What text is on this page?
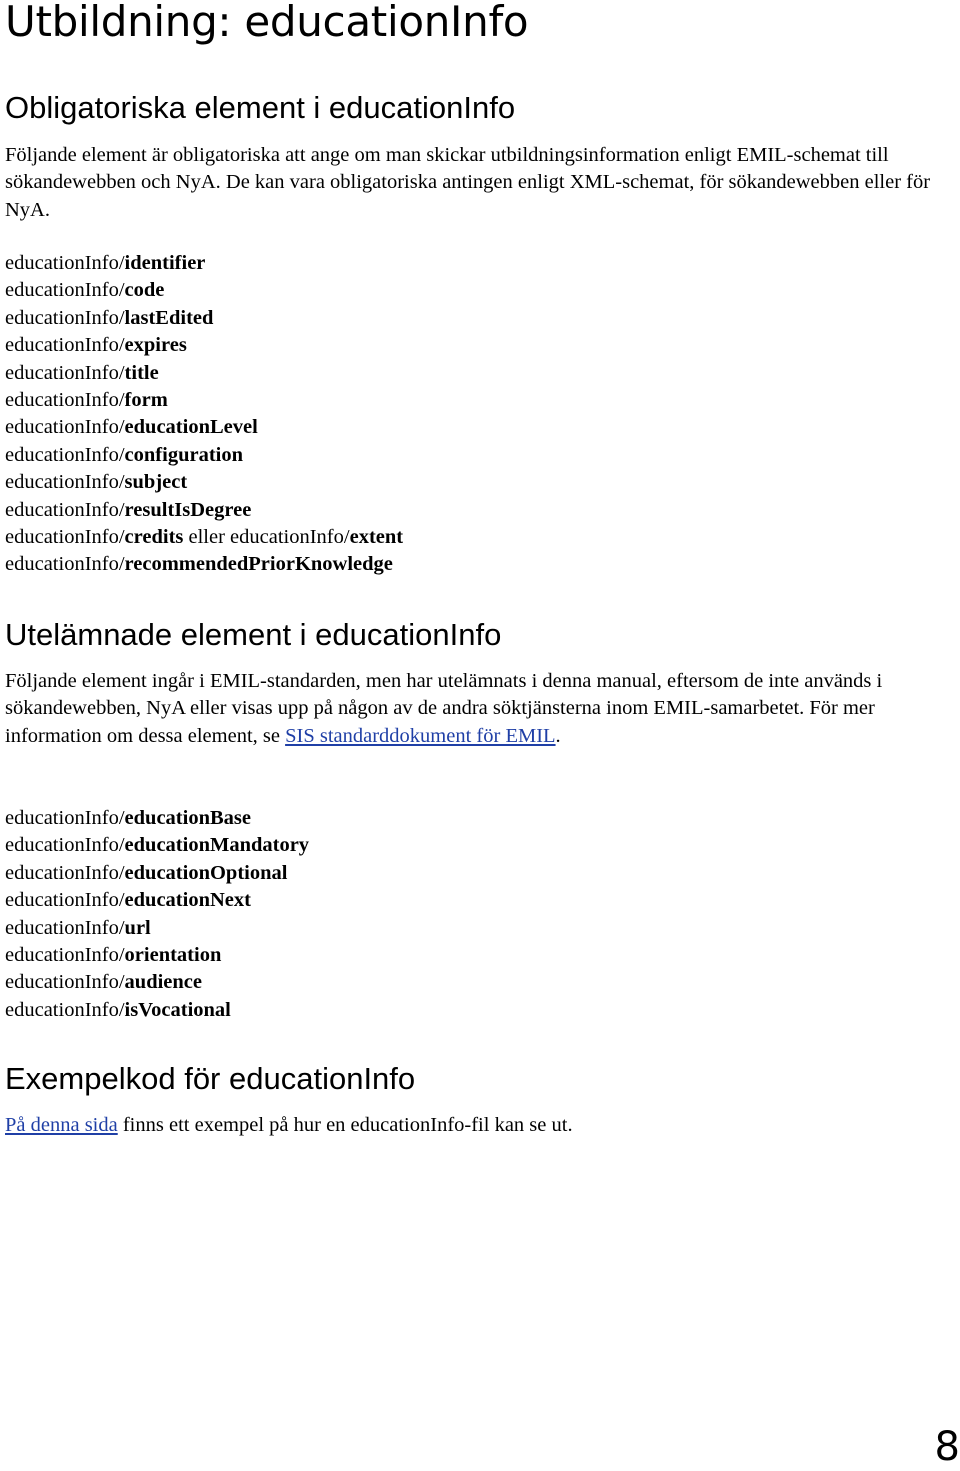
Utbildning: educationInfo
Obligatoriska element i educationInfo

Följande element är obligatoriska att ange om man skickar utbildningsinformation enligt EMIL-schemat till sökandewebben och NyA. De kan vara obligatoriska antingen enligt XML-schemat, för sökandewebben eller för NyA.

educationInfo/identifier
educationInfo/code
educationInfo/lastEdited
educationInfo/expires
educationInfo/title
educationInfo/form
educationInfo/educationLevel
educationInfo/configuration
educationInfo/subject
educationInfo/resultIsDegree
educationInfo/credits eller educationInfo/extent
educationInfo/recommendedPriorKnowledge
Utelämnade element i educationInfo

Följande element ingår i EMIL-standarden, men har utelämnats i denna manual, eftersom de inte används i sökandewebben, NyA eller visas upp på någon av de andra söktjänsterna inom EMIL-samarbetet. För mer information om dessa element, se SIS standarddokument för EMIL.

educationInfo/educationBase
educationInfo/educationMandatory
educationInfo/educationOptional
educationInfo/educationNext
educationInfo/url
educationInfo/orientation
educationInfo/audience
educationInfo/isVocational
Exempelkod för educationInfo

På denna sida finns ett exempel på hur en educationInfo-fil kan se ut.

8
